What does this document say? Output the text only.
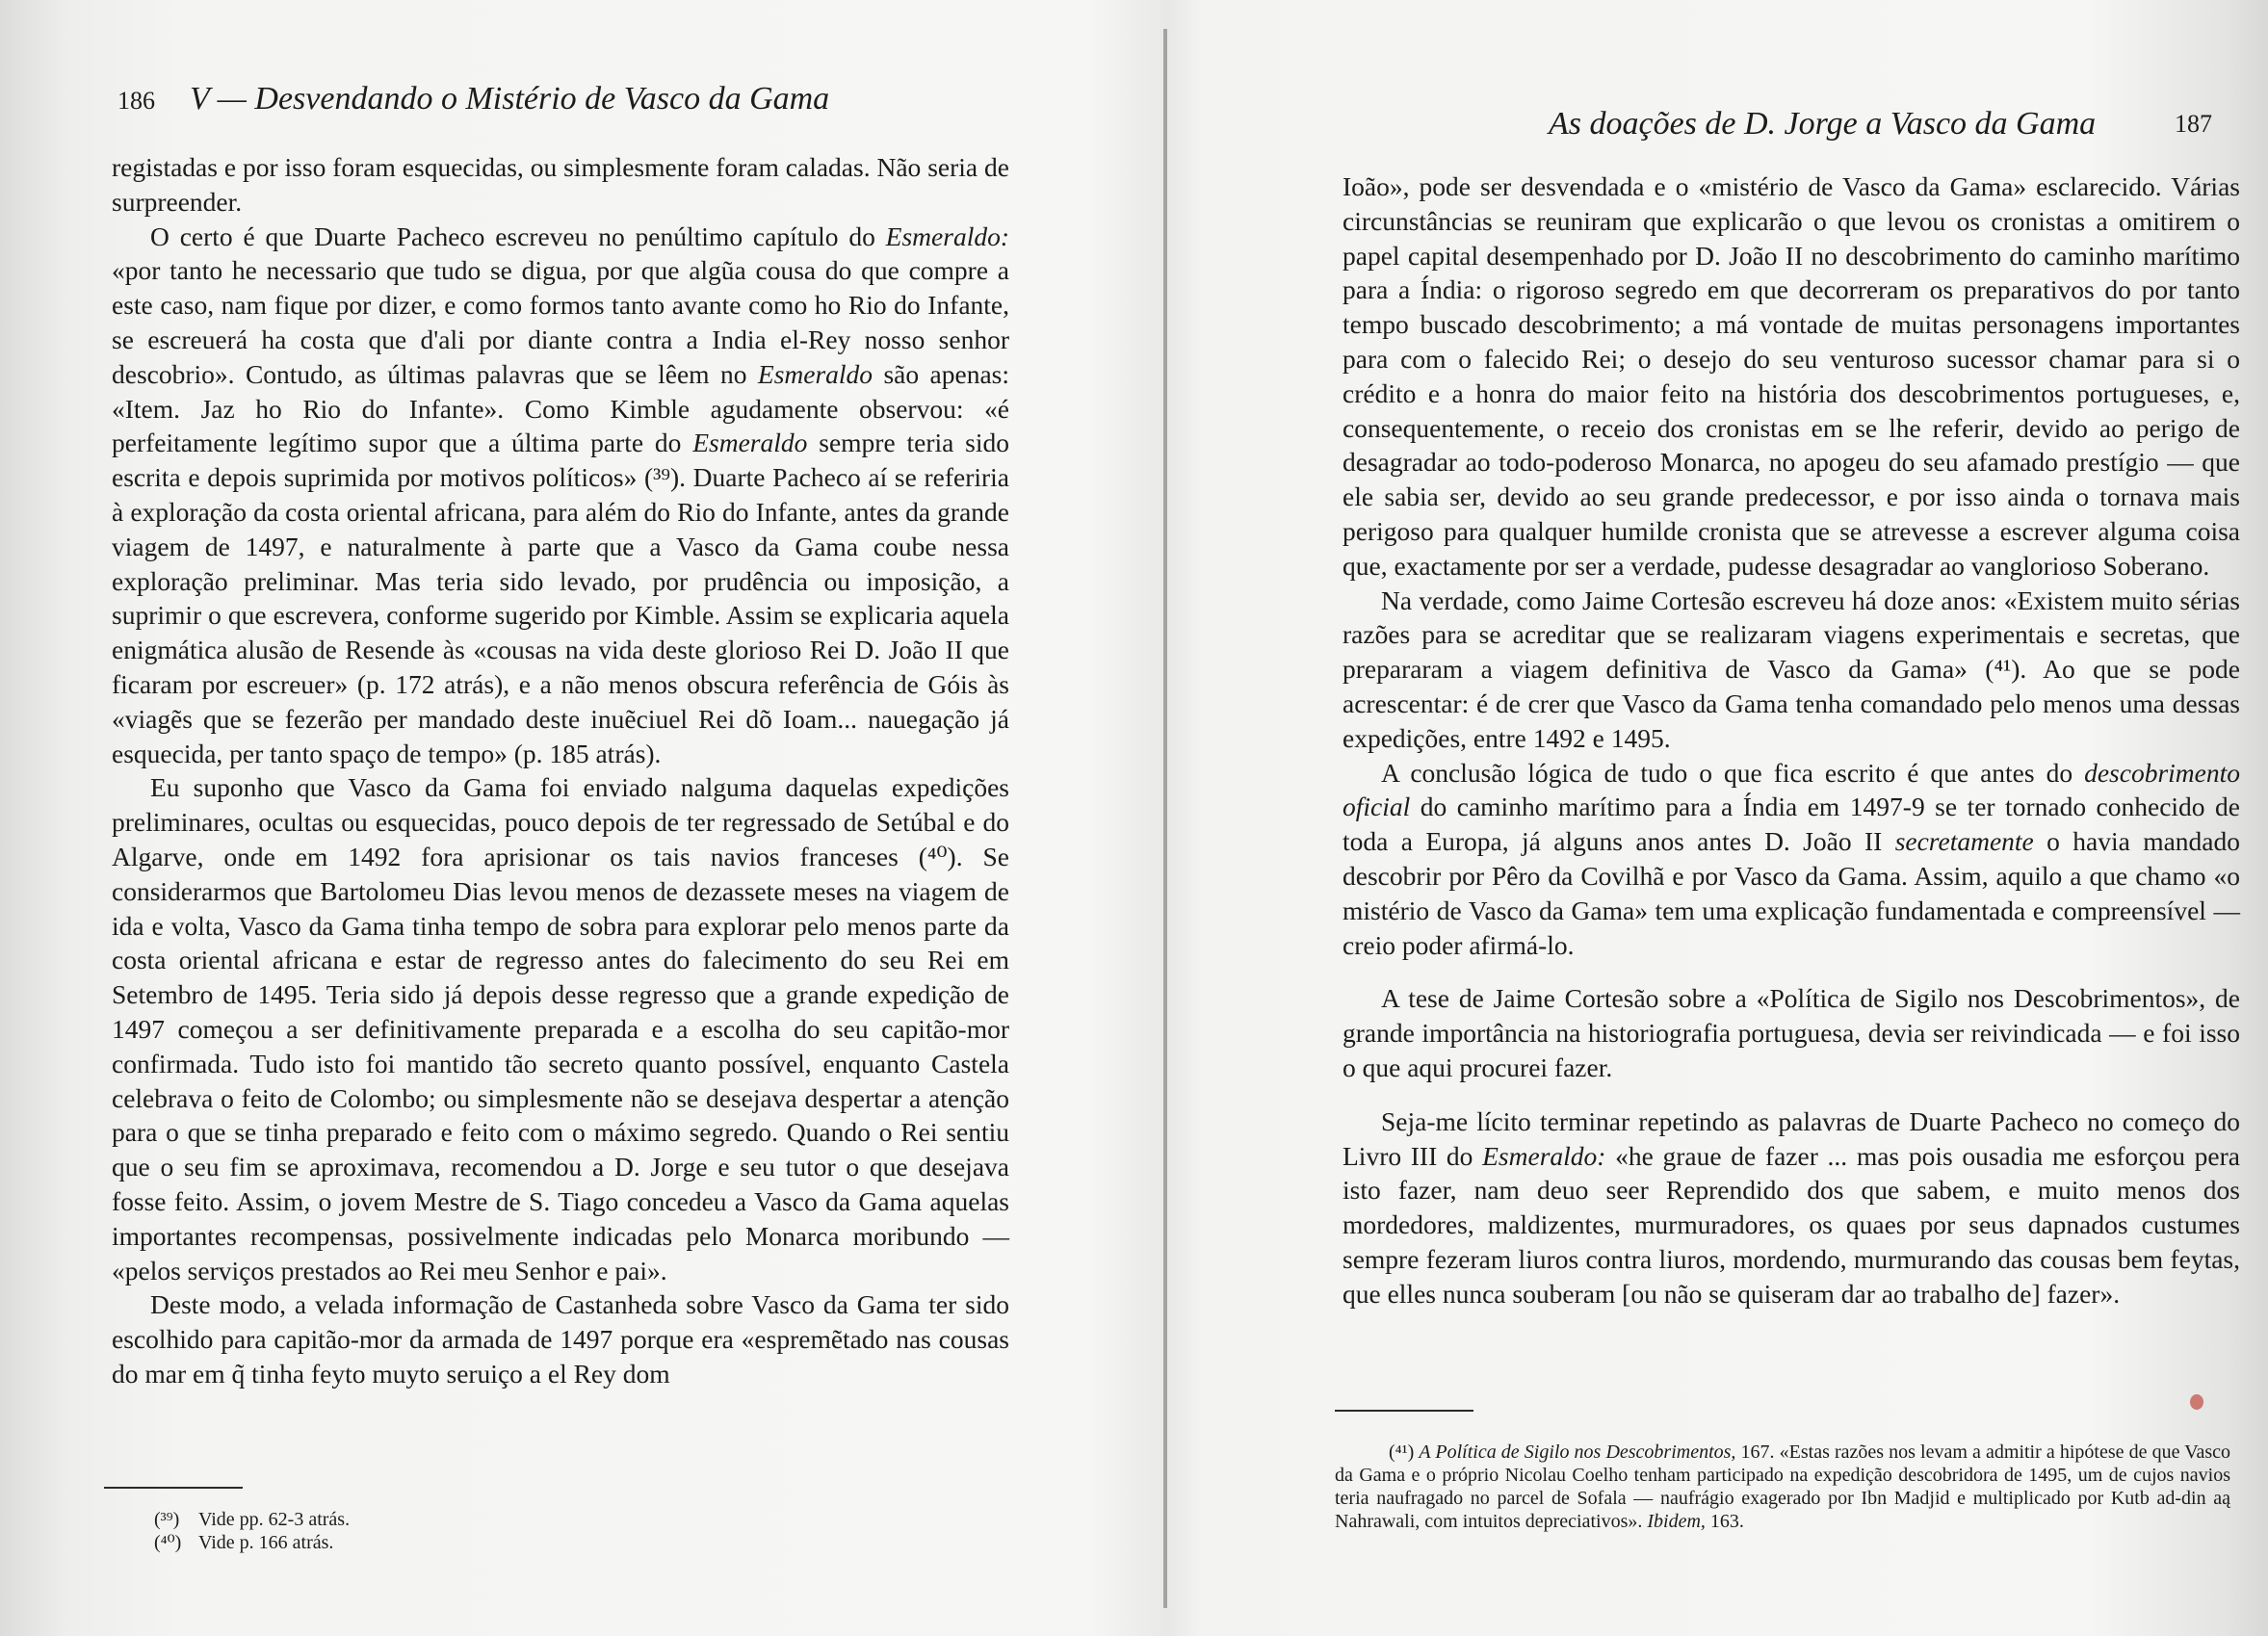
186 V — Desvendando o Mistério de Vasco da Gama

registadas e por isso foram esquecidas, ou simplesmente foram caladas. Não seria de surpreender.

O certo é que Duarte Pacheco escreveu no penúltimo capítulo do Esmeraldo: «por tanto he necessario que tudo se digua, por que algũa cousa do que compre a este caso, nam fique por dizer, e como formos tanto avante como ho Rio do Infante, se escreuerá ha costa que d'ali por diante contra a India el-Rey nosso senhor descobrio». Contudo, as últimas palavras que se lêem no Esmeraldo são apenas: «Item. Jaz ho Rio do Infante». Como Kimble agudamente observou: «é perfeitamente legítimo supor que a última parte do Esmeraldo sempre teria sido escrita e depois suprimida por motivos políticos» (³⁹). Duarte Pacheco aí se referiria à exploração da costa oriental africana, para além do Rio do Infante, antes da grande viagem de 1497, e naturalmente à parte que a Vasco da Gama coube nessa exploração preliminar. Mas teria sido levado, por prudência ou imposição, a suprimir o que escrevera, conforme sugerido por Kimble. Assim se explicaria aquela enigmática alusão de Resende às «cousas na vida deste glorioso Rei D. João II que ficaram por escreuer» (p. 172 atrás), e a não menos obscura referência de Góis às «viagẽs que se fezerão per mandado deste inuẽciuel Rei dõ Ioam... nauegação já esquecida, per tanto spaço de tempo» (p. 185 atrás).

Eu suponho que Vasco da Gama foi enviado nalguma daquelas expedições preliminares, ocultas ou esquecidas, pouco depois de ter regressado de Setúbal e do Algarve, onde em 1492 fora aprisionar os tais navios franceses (⁴⁰). Se considerarmos que Bartolomeu Dias levou menos de dezassete meses na viagem de ida e volta, Vasco da Gama tinha tempo de sobra para explorar pelo menos parte da costa oriental africana e estar de regresso antes do falecimento do seu Rei em Setembro de 1495. Teria sido já depois desse regresso que a grande expedição de 1497 começou a ser definitivamente preparada e a escolha do seu capitão-mor confirmada. Tudo isto foi mantido tão secreto quanto possível, enquanto Castela celebrava o feito de Colombo; ou simplesmente não se desejava despertar a atenção para o que se tinha preparado e feito com o máximo segredo. Quando o Rei sentiu que o seu fim se aproximava, recomendou a D. Jorge e seu tutor o que desejava fosse feito. Assim, o jovem Mestre de S. Tiago concedeu a Vasco da Gama aquelas importantes recompensas, possivelmente indicadas pelo Monarca moribundo — «pelos serviços prestados ao Rei meu Senhor e pai».

Deste modo, a velada informação de Castanheda sobre Vasco da Gama ter sido escolhido para capitão-mor da armada de 1497 porque era «espremẽtado nas cousas do mar em q̃ tinha feyto muyto seruiço a el Rey dom

(³⁹) Vide pp. 62-3 atrás.

(⁴⁰) Vide p. 166 atrás.

As doações de D. Jorge a Vasco da Gama	187

Ioão», pode ser desvendada e o «mistério de Vasco da Gama» esclarecido. Várias circunstâncias se reuniram que explicarão o que levou os cronistas a omitirem o papel capital desempenhado por D. João II no descobrimento do caminho marítimo para a Índia: o rigoroso segredo em que decorreram os preparativos do por tanto tempo buscado descobrimento; a má vontade de muitas personagens importantes para com o falecido Rei; o desejo do seu venturoso sucessor chamar para si o crédito e a honra do maior feito na história dos descobrimentos portugueses, e, consequentemente, o receio dos cronistas em se lhe referir, devido ao perigo de desagradar ao todo-poderoso Monarca, no apogeu do seu afamado prestígio — que ele sabia ser, devido ao seu grande predecessor, e por isso ainda o tornava mais perigoso para qualquer humilde cronista que se atrevesse a escrever alguma coisa que, exactamente por ser a verdade, pudesse desagradar ao vanglorioso Soberano.

Na verdade, como Jaime Cortesão escreveu há doze anos: «Existem muito sérias razões para se acreditar que se realizaram viagens experimentais e secretas, que prepararam a viagem definitiva de Vasco da Gama» (⁴¹). Ao que se pode acrescentar: é de crer que Vasco da Gama tenha comandado pelo menos uma dessas expedições, entre 1492 e 1495.

A conclusão lógica de tudo o que fica escrito é que antes do descobrimento oficial do caminho marítimo para a Índia em 1497-9 se ter tornado conhecido de toda a Europa, já alguns anos antes D. João II secretamente o havia mandado descobrir por Pêro da Covilhã e por Vasco da Gama. Assim, aquilo a que chamo «o mistério de Vasco da Gama» tem uma explicação fundamentada e compreensível — creio poder afirmá-lo.

A tese de Jaime Cortesão sobre a «Política de Sigilo nos Descobrimentos», de grande importância na historiografia portuguesa, devia ser reivindicada — e foi isso o que aqui procurei fazer.

Seja-me lícito terminar repetindo as palavras de Duarte Pacheco no começo do Livro III do Esmeraldo: «he graue de fazer ... mas pois ousadia me esforçou pera isto fazer, nam deuo seer Reprendido dos que sabem, e muito menos dos mordedores, maldizentes, murmuradores, os quaes por seus dapnados custumes sempre fezeram liuros contra liuros, mordendo, murmurando das cousas bem feytas, que elles nunca souberam [ou não se quiseram dar ao trabalho de] fazer».

(⁴¹) A Política de Sigilo nos Descobrimentos, 167. «Estas razões nos levam a admitir a hipótese de que Vasco da Gama e o próprio Nicolau Coelho tenham participado na expedição descobridora de 1495, um de cujos navios teria naufragado no parcel de Sofala — naufrágio exagerado por Ibn Madjid e multiplicado por Kutb ad-din aą Nahrawali, com intuitos depreciativos». Ibidem, 163.
